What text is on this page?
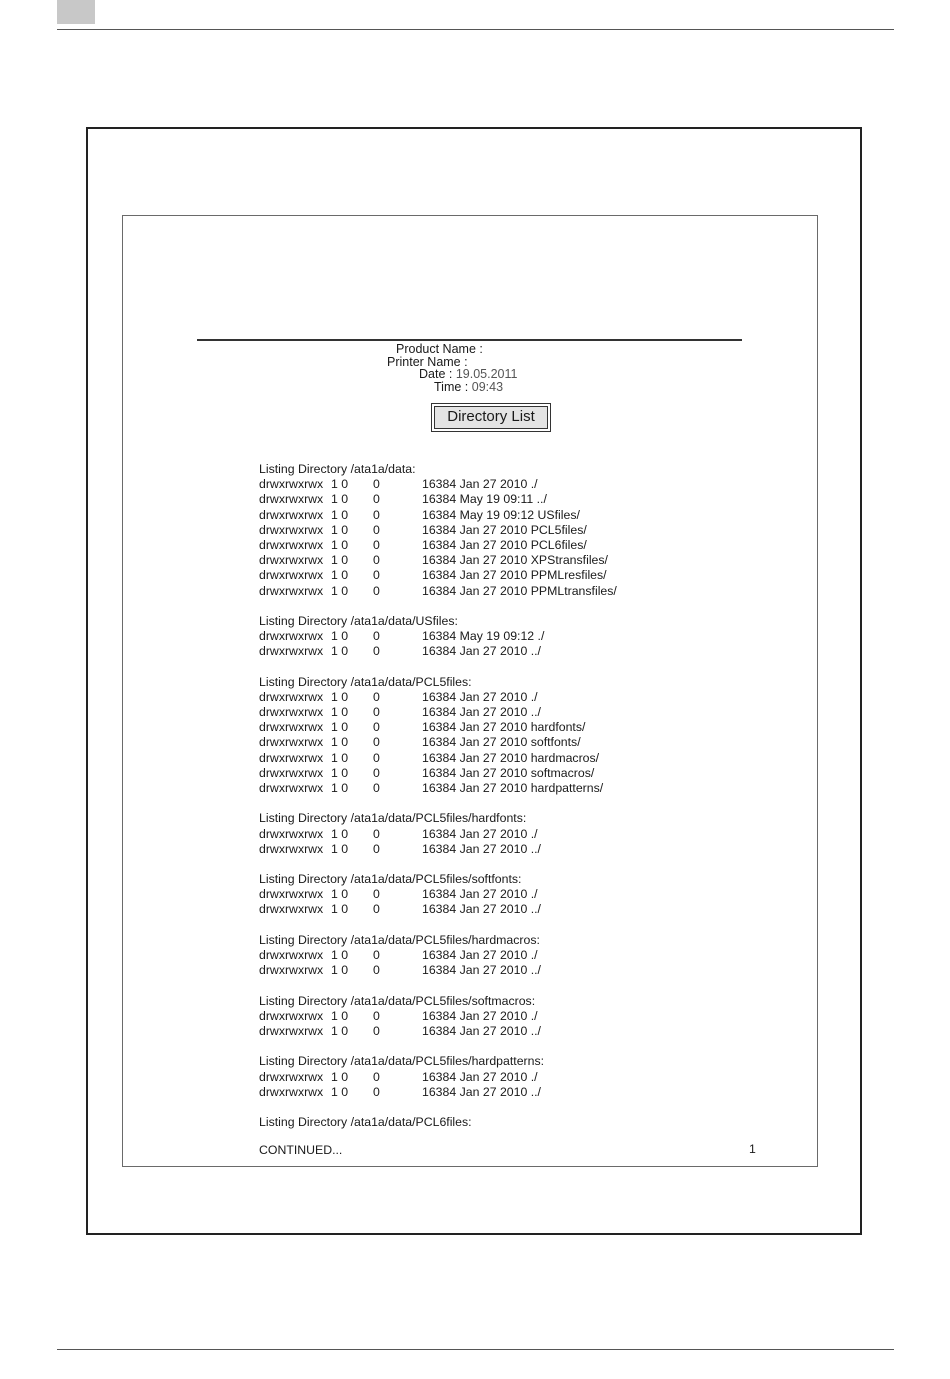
Product Name :
Printer Name :
Date : 19.05.2011
Time : 09:43
Directory List
Listing Directory /ata1a/data:
drwxrwxrwx 1 0 0	16384 Jan 27 2010 ./
drwxrwxrwx 1 0 0	16384 May 19 09:11 ../
drwxrwxrwx 1 0 0	16384 May 19 09:12 USfiles/
drwxrwxrwx 1 0 0	16384 Jan 27 2010 PCL5files/
drwxrwxrwx 1 0 0	16384 Jan 27 2010 PCL6files/
drwxrwxrwx 1 0 0	16384 Jan 27 2010 XPStransfiles/
drwxrwxrwx 1 0 0	16384 Jan 27 2010 PPMLresfiles/
drwxrwxrwx 1 0 0	16384 Jan 27 2010 PPMLtransfiles/
Listing Directory /ata1a/data/USfiles:
drwxrwxrwx 1 0 0	16384 May 19 09:12 ./
drwxrwxrwx 1 0 0	16384 Jan 27 2010 ../
Listing Directory /ata1a/data/PCL5files:
drwxrwxrwx 1 0 0	16384 Jan 27 2010 ./
drwxrwxrwx 1 0 0	16384 Jan 27 2010 ../
drwxrwxrwx 1 0 0	16384 Jan 27 2010 hardfonts/
drwxrwxrwx 1 0 0	16384 Jan 27 2010 softfonts/
drwxrwxrwx 1 0 0	16384 Jan 27 2010 hardmacros/
drwxrwxrwx 1 0 0	16384 Jan 27 2010 softmacros/
drwxrwxrwx 1 0 0	16384 Jan 27 2010 hardpatterns/
Listing Directory /ata1a/data/PCL5files/hardfonts:
drwxrwxrwx 1 0 0	16384 Jan 27 2010 ./
drwxrwxrwx 1 0 0	16384 Jan 27 2010 ../
Listing Directory /ata1a/data/PCL5files/softfonts:
drwxrwxrwx 1 0 0	16384 Jan 27 2010 ./
drwxrwxrwx 1 0 0	16384 Jan 27 2010 ../
Listing Directory /ata1a/data/PCL5files/hardmacros:
drwxrwxrwx 1 0 0	16384 Jan 27 2010 ./
drwxrwxrwx 1 0 0	16384 Jan 27 2010 ../
Listing Directory /ata1a/data/PCL5files/softmacros:
drwxrwxrwx 1 0 0	16384 Jan 27 2010 ./
drwxrwxrwx 1 0 0	16384 Jan 27 2010 ../
Listing Directory /ata1a/data/PCL5files/hardpatterns:
drwxrwxrwx 1 0 0	16384 Jan 27 2010 ./
drwxrwxrwx 1 0 0	16384 Jan 27 2010 ../
Listing Directory /ata1a/data/PCL6files:
CONTINUED...	1
